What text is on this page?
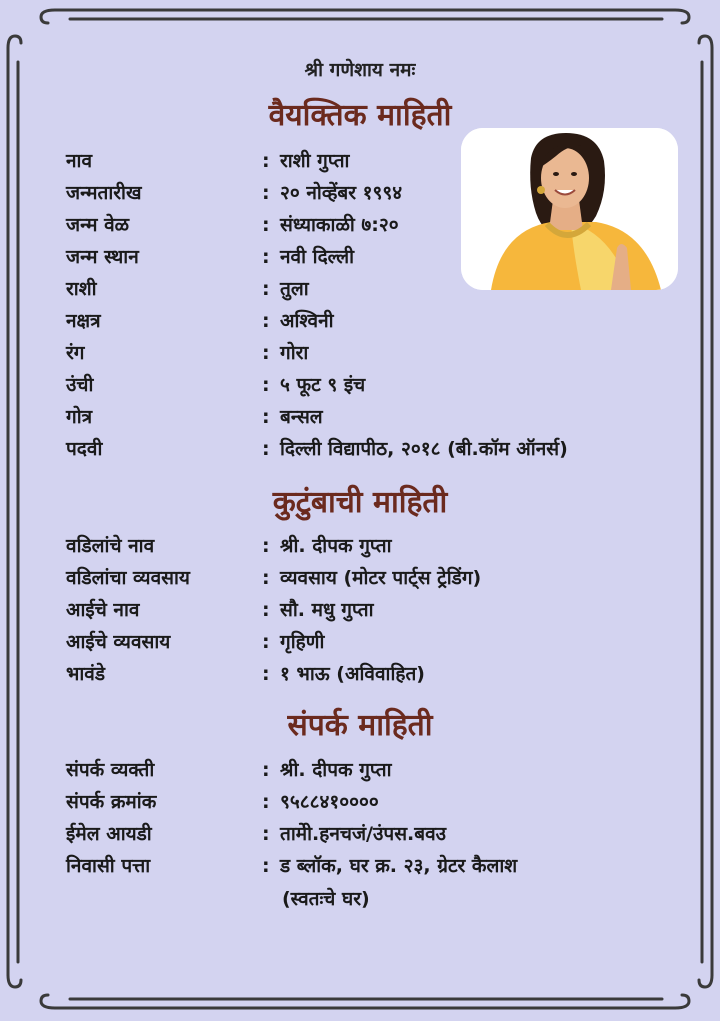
श्री गणेशाय नमः
वैयक्तिक माहिती
नाव	: राशी गुप्ता
जन्मतारीख	: २० नोव्हेंबर १९९४
जन्म वेळ	: संध्याकाळी ७:२०
जन्म स्थान	: नवी दिल्ली
राशी	: तुला
नक्षत्र	: अश्विनी
रंग	: गोरा
उंची	: ५ फूट ९ इंच
गोत्र	: बन्सल
पदवी	: दिल्ली विद्यापीठ, २०१८ (बी.कॉम ऑनर्स)
कुटुंबाची माहिती
वडिलांचे नाव	: श्री. दीपक गुप्ता
वडिलांचा व्यवसाय	: व्यवसाय (मोटर पार्ट्स ट्रेडिंग)
आईचे नाव	: सौ. मधु गुप्ता
आईचे व्यवसाय	: गृहिणी
भावंडे	: १ भाऊ (अविवाहित)
संपर्क माहिती
संपर्क व्यक्ती	: श्री. दीपक गुप्ता
संपर्क क्रमांक	: ९५८८४१००००
ईमेल आयडी	: तामेी.हनचजं/उंपस.बवउ
निवासी पत्ता	: ड ब्लॉक, घर क्र. २३, ग्रेटर कैलाश
(स्वतःचे घर)
